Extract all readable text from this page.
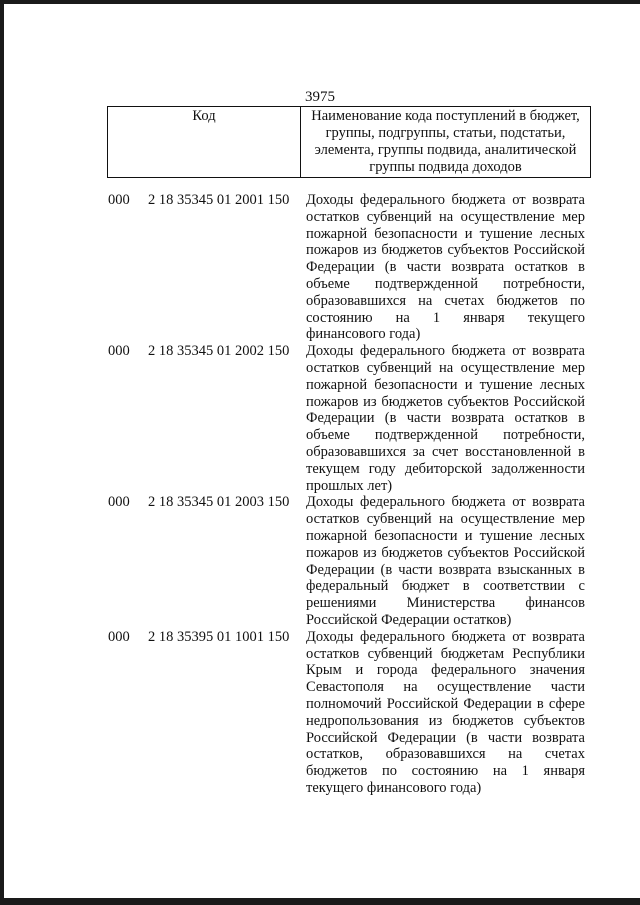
3975
Код	Наименование кода поступлений в бюджет, группы, подгруппы, статьи, подстатьи, элемента, группы подвида, аналитической группы подвида доходов
000	2 18 35345 01 2001 150	Доходы федерального бюджета от возврата остатков субвенций на осуществление мер пожарной безопасности и тушение лесных пожаров из бюджетов субъектов Российской Федерации (в части возврата остатков в объеме подтвержденной потребности, образовавшихся на счетах бюджетов по состоянию на 1 января текущего финансового года)
000	2 18 35345 01 2002 150	Доходы федерального бюджета от возврата остатков субвенций на осуществление мер пожарной безопасности и тушение лесных пожаров из бюджетов субъектов Российской Федерации (в части возврата остатков в объеме подтвержденной потребности, образовавшихся за счет восстановленной в текущем году дебиторской задолженности прошлых лет)
000	2 18 35345 01 2003 150	Доходы федерального бюджета от возврата остатков субвенций на осуществление мер пожарной безопасности и тушение лесных пожаров из бюджетов субъектов Российской Федерации (в части возврата взысканных в федеральный бюджет в соответствии с решениями Министерства финансов Российской Федерации остатков)
000	2 18 35395 01 1001 150	Доходы федерального бюджета от возврата остатков субвенций бюджетам Республики Крым и города федерального значения Севастополя на осуществление части полномочий Российской Федерации в сфере недропользования из бюджетов субъектов Российской Федерации (в части возврата остатков, образовавшихся на счетах бюджетов по состоянию на 1 января текущего финансового года)
